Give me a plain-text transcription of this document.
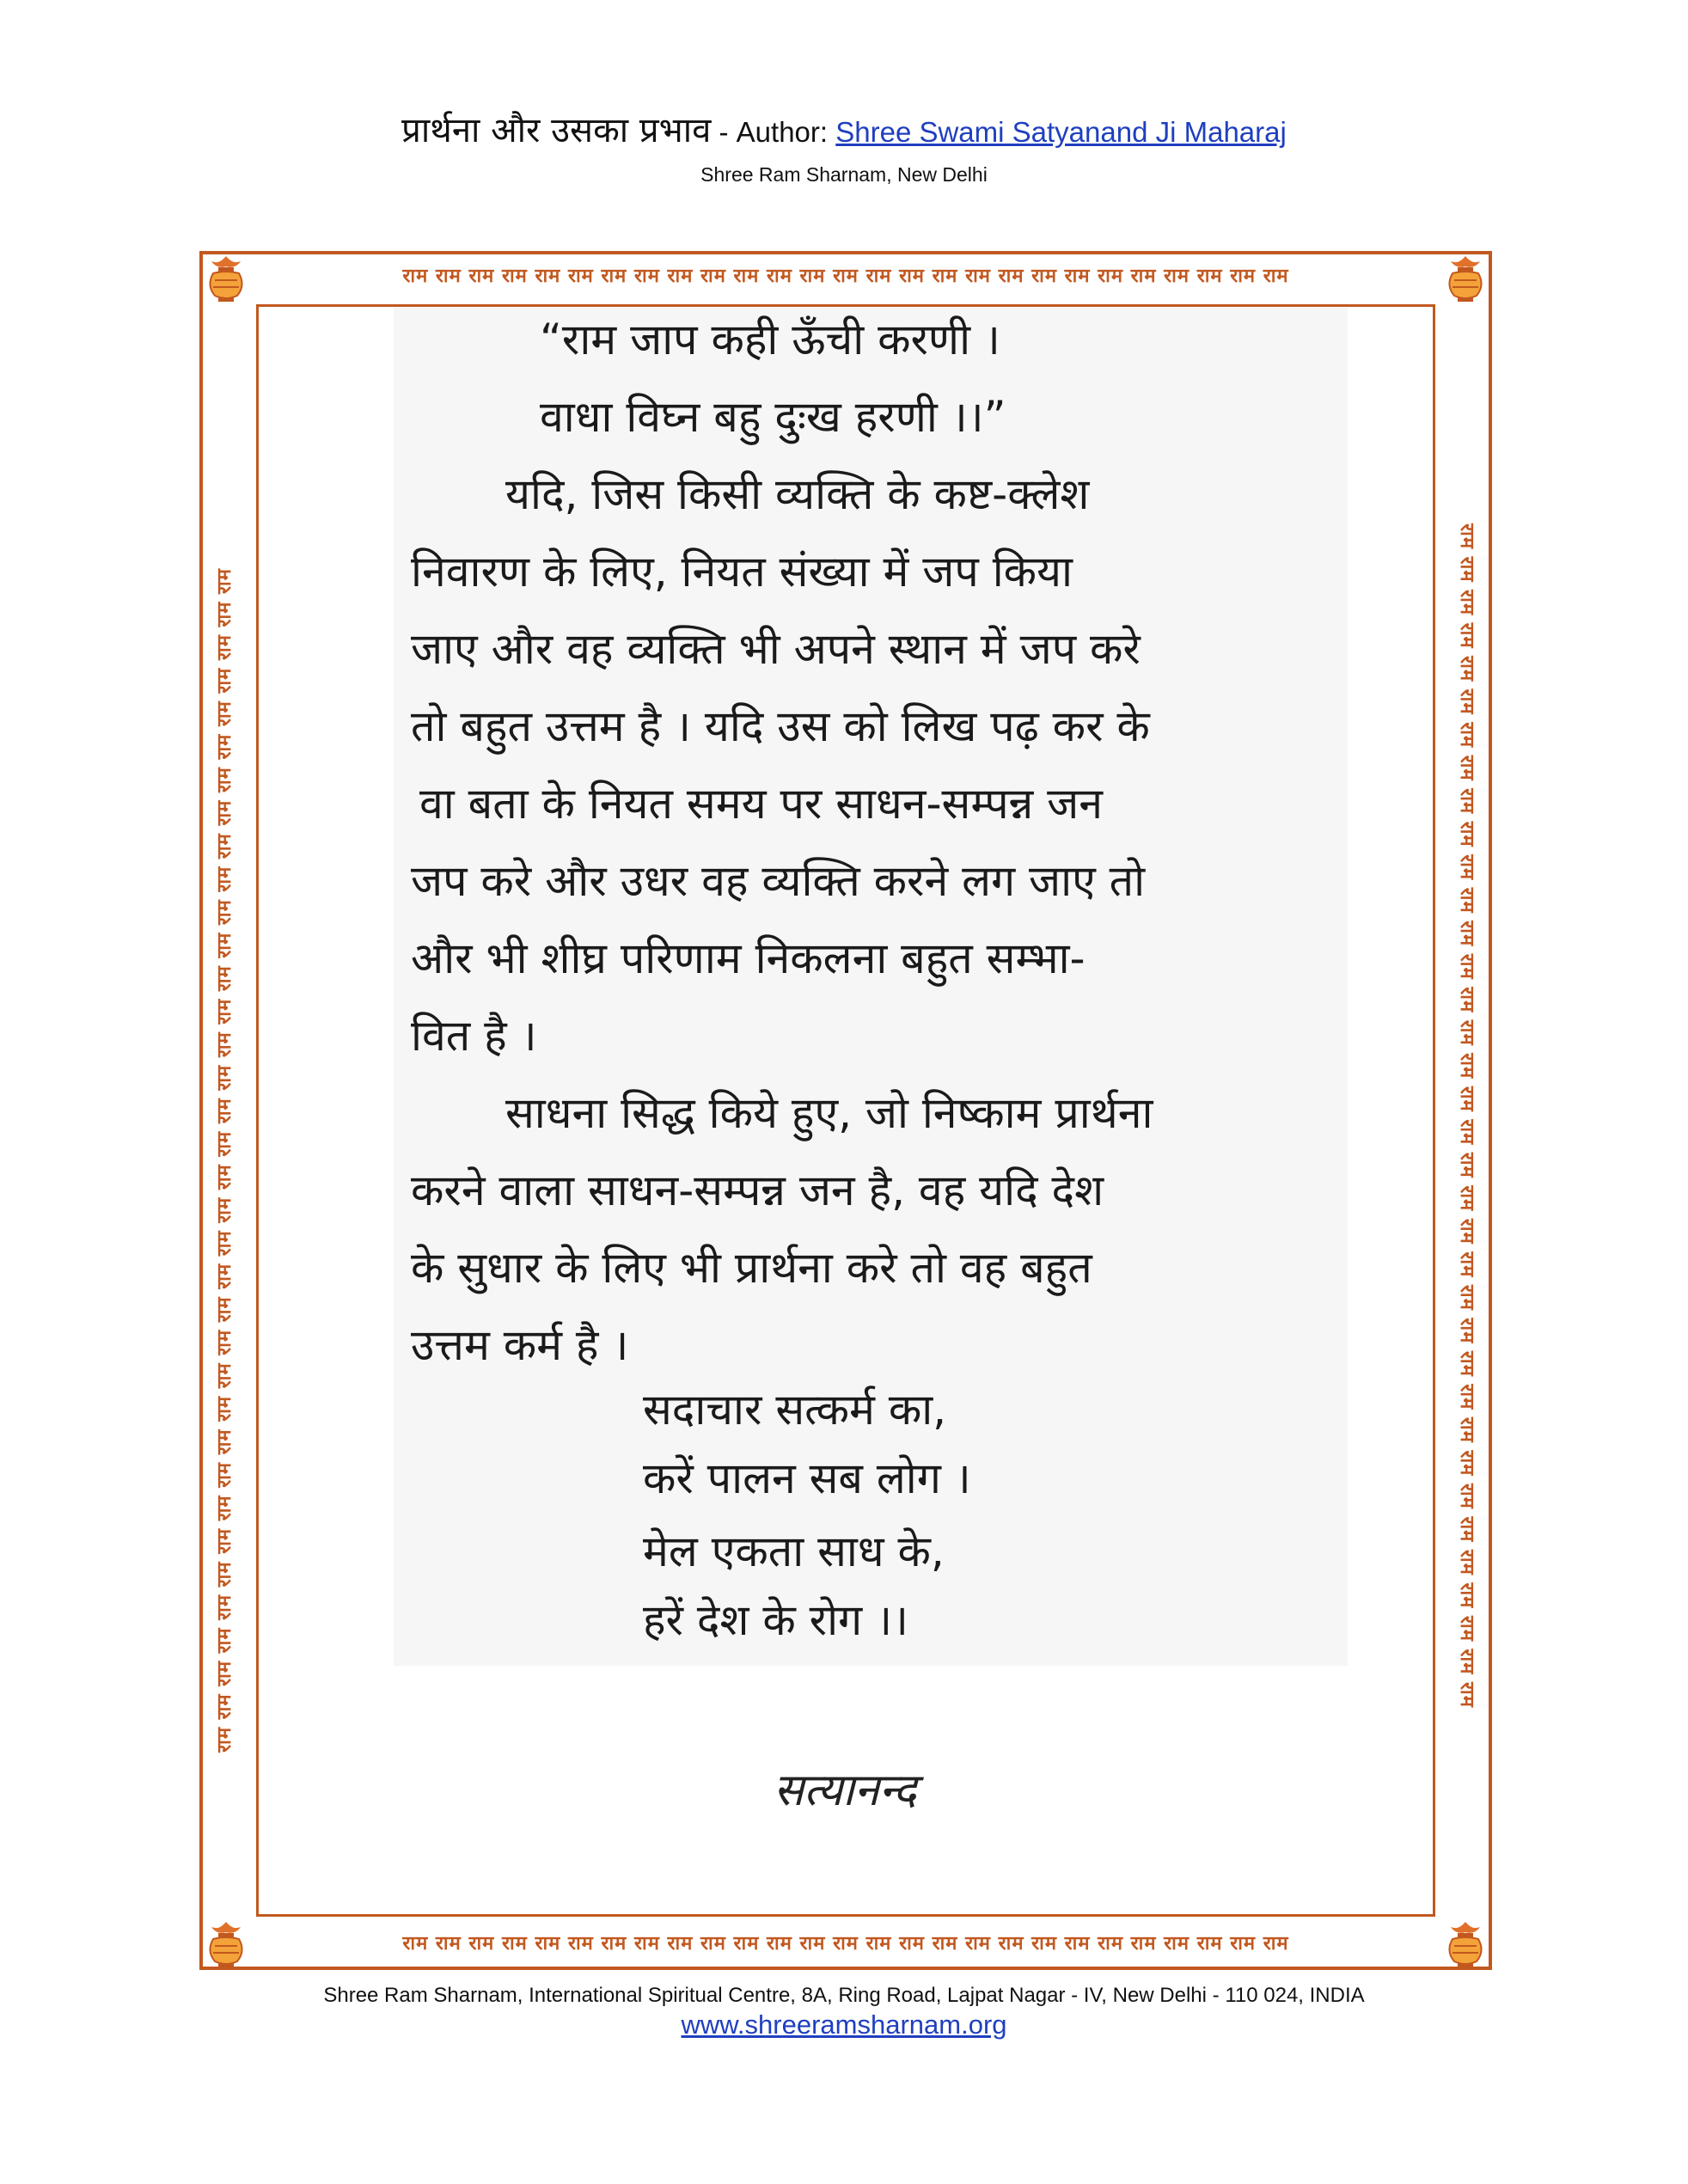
प्रार्थना और उसका प्रभाव - Author: Shree Swami Satyanand Ji Maharaj
Shree Ram Sharnam, New Delhi
राम राम राम राम राम राम राम राम राम राम राम राम राम राम राम राम राम राम राम राम राम राम राम राम राम राम राम
राम राम राम राम राम राम राम राम राम राम राम राम राम राम राम राम राम राम राम राम राम राम राम राम राम राम राम
राम राम राम राम राम राम राम राम राम राम राम राम राम राम राम राम राम राम राम राम राम राम राम राम राम राम राम राम राम राम राम राम राम राम राम राम	राम राम राम राम राम राम राम राम राम राम राम राम राम राम राम राम राम राम राम राम राम राम राम राम राम राम राम राम राम राम राम राम राम राम राम राम
“राम जाप कही ऊँची करणी ।
वाधा विघ्न बहु दुःख हरणी ।।”
यदि, जिस किसी व्यक्ति के कष्ट-क्लेश
निवारण के लिए, नियत संख्या में जप किया
जाए और वह व्यक्ति भी अपने स्थान में जप करे
तो बहुत उत्तम है । यदि उस को लिख पढ़ कर के
वा बता के नियत समय पर साधन-सम्पन्न जन
जप करे और उधर वह व्यक्ति करने लग जाए तो
और भी शीघ्र परिणाम निकलना बहुत सम्भा-
वित है ।
साधना सिद्ध किये हुए, जो निष्काम प्रार्थना
करने वाला साधन-सम्पन्न जन है, वह यदि देश
के सुधार के लिए भी प्रार्थना करे तो वह बहुत
उत्तम कर्म है ।
सदाचार सत्कर्म का,
करें पालन सब लोग ।
मेल एकता साध के,
हरें देश के रोग ।।
सत्यानन्द
Shree Ram Sharnam, International Spiritual Centre, 8A, Ring Road, Lajpat Nagar - IV, New Delhi - 110 024, INDIA
www.shreeramsharnam.org
